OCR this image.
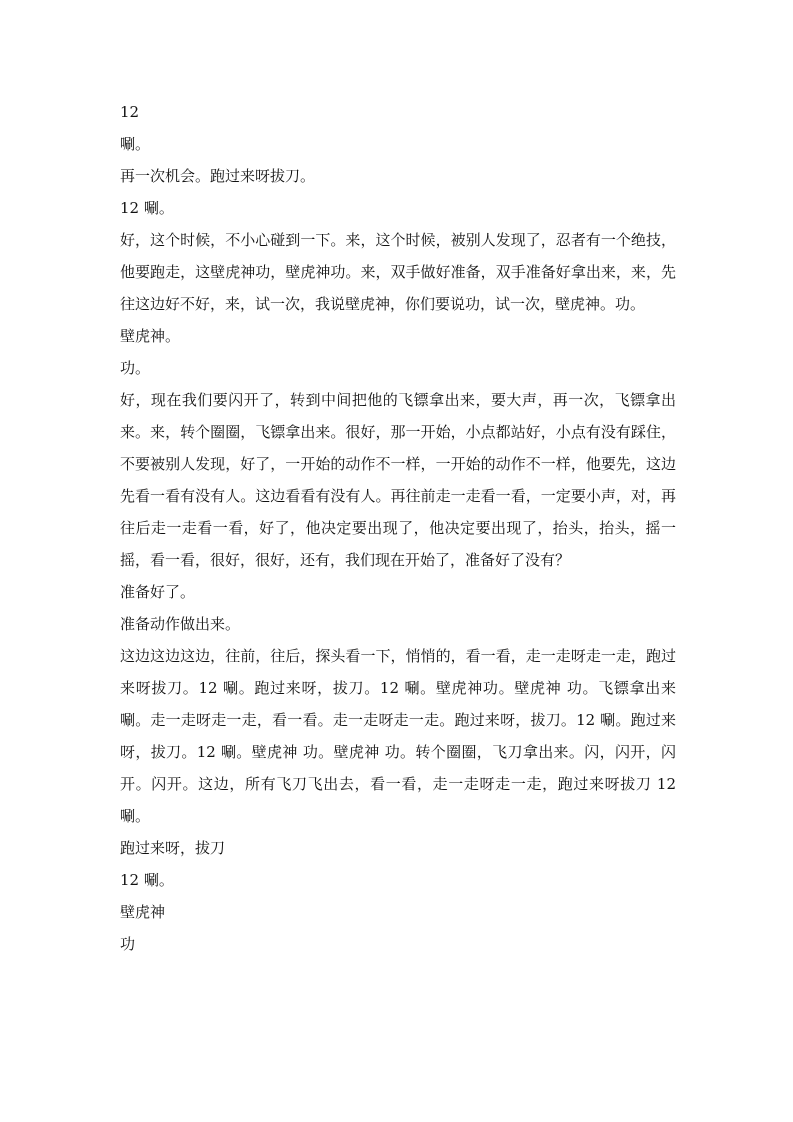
12

唰。

再一次机会。跑过来呀拔刀。

12 唰。

好，这个时候，不小心碰到一下。来，这个时候，被别人发现了，忍者有一个绝技，他要跑走，这壁虎神功，壁虎神功。来，双手做好准备，双手准备好拿出来，来，先往这边好不好，来，试一次，我说壁虎神，你们要说功，试一次，壁虎神。功。

壁虎神。

功。

好，现在我们要闪开了，转到中间把他的飞镖拿出来，要大声，再一次，飞镖拿出来。来，转个圈圈，飞镖拿出来。很好，那一开始，小点都站好，小点有没有踩住，不要被别人发现，好了，一开始的动作不一样，一开始的动作不一样，他要先，这边先看一看有没有人。这边看看有没有人。再往前走一走看一看，一定要小声，对，再往后走一走看一看，好了，他决定要出现了，他决定要出现了，抬头，抬头，摇一摇，看一看，很好，很好，还有，我们现在开始了，准备好了没有？

准备好了。

准备动作做出来。

这边这边这边，往前，往后，探头看一下，悄悄的，看一看，走一走呀走一走，跑过来呀拔刀。12 唰。跑过来呀，拔刀。12 唰。壁虎神功。壁虎神 功。飞镖拿出来 唰。走一走呀走一走，看一看。走一走呀走一走。跑过来呀，拔刀。12 唰。跑过来呀，拔刀。12 唰。壁虎神 功。壁虎神 功。转个圈圈，飞刀拿出来。闪，闪开，闪开。闪开。这边，所有飞刀飞出去，看一看，走一走呀走一走，跑过来呀拔刀 12 唰。

跑过来呀，拔刀

12 唰。

壁虎神

功
